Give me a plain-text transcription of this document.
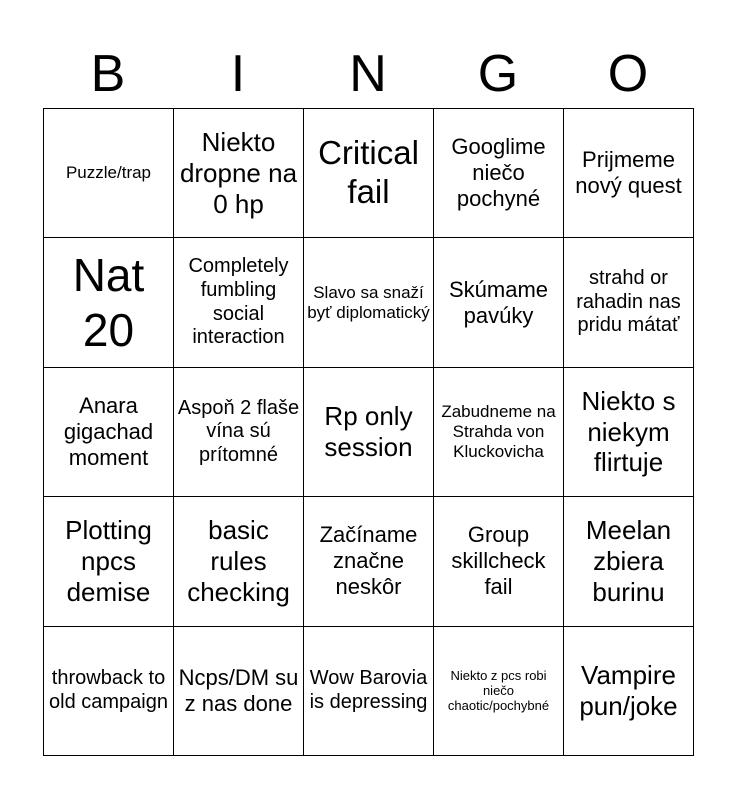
B	I	N	G	O
Puzzle/trap	Niekto dropne na 0 hp	Critical fail	Googlime niečo pochyné	Prijmeme nový quest
Nat 20	Completely fumbling social interaction	Slavo sa snaží byť diplomatický	Skúmame pavúky	strahd or rahadin nas pridu mátať
Anara gigachad moment	Aspoň 2 flaše vína sú prítomné	Rp only session	Zabudneme na Strahda von Kluckovicha	Niekto s niekym flirtuje
Plotting npcs demise	basic rules checking	Začíname značne neskôr	Group skillcheck fail	Meelan zbiera burinu
throwback to old campaign	Ncps/DM su z nas done	Wow Barovia is depressing	Niekto z pcs robi niečo chaotic/pochybné	Vampire pun/joke
